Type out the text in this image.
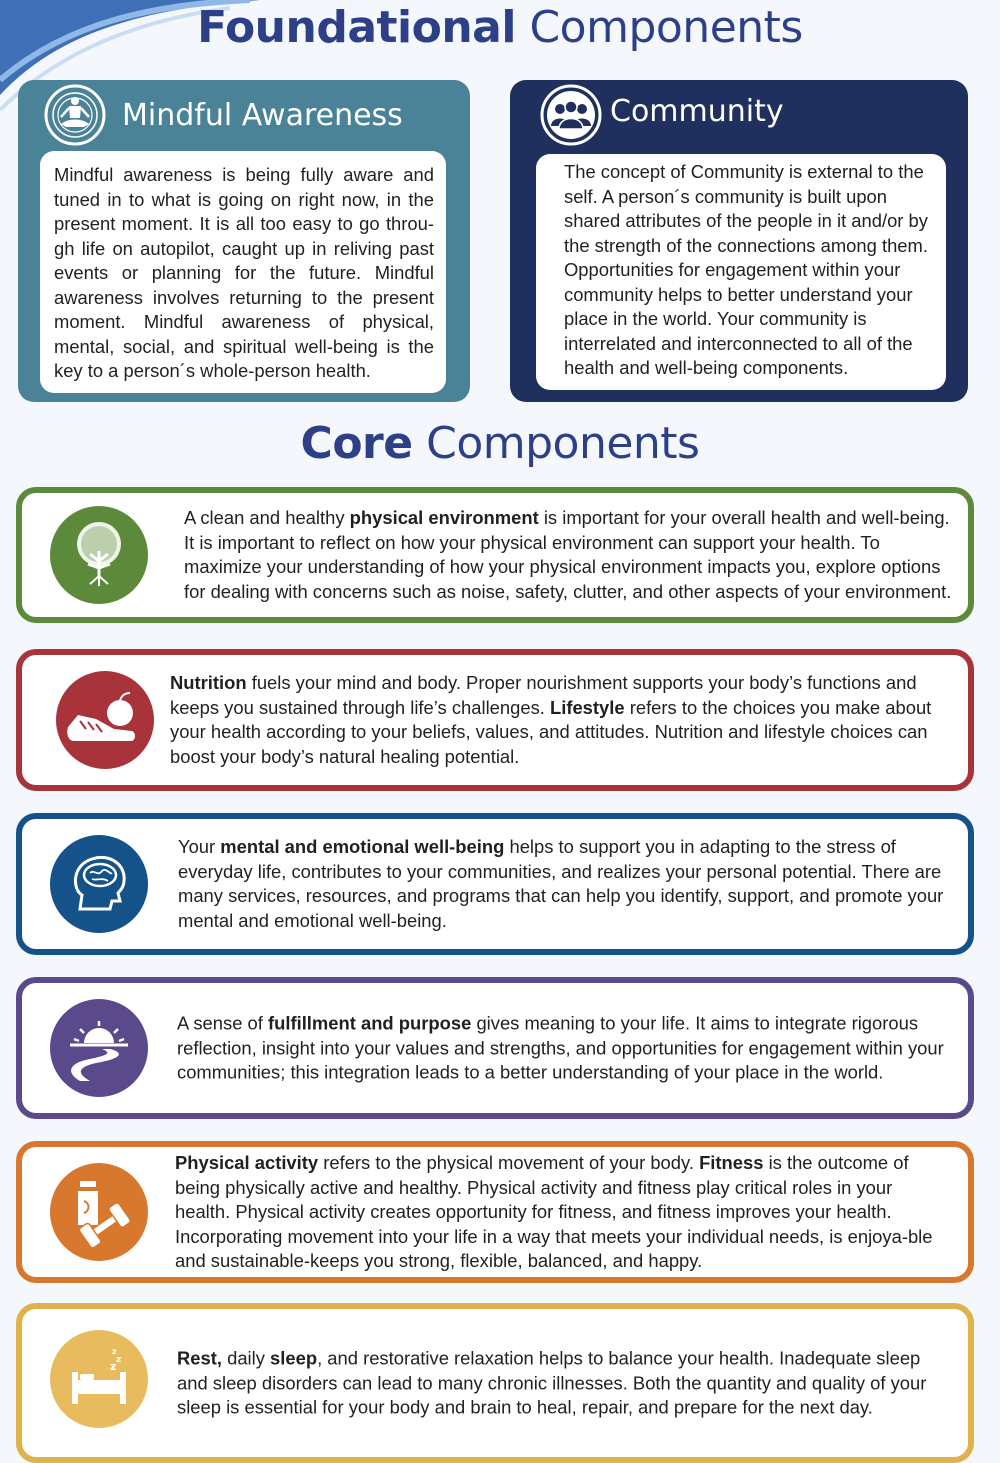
Foundational Components
Mindful Awareness
Mindful awareness is being fully aware and tuned in to what is going on right now, in the present moment. It is all too easy to go throu-gh life on autopilot, caught up in reliving past events or planning for the future. Mindful awareness involves returning to the present moment. Mindful awareness of physical, mental, social, and spiritual well-being is the key to a person´s whole-person health.
Community
The concept of Community is external to the self. A person´s community is built upon shared attributes of the people in it and/or by the strength of the connections among them. Opportunities for engagement within your community helps to better understand your place in the world. Your community is interrelated and interconnected to all of the health and well-being components.
Core Components
A clean and healthy physical environment is important for your overall health and well-being. It is important to reflect on how your physical environment can support your health. To maximize your understanding of how your physical environment impacts you, explore options for dealing with concerns such as noise, safety, clutter, and other aspects of your environment.
Nutrition fuels your mind and body. Proper nourishment supports your body’s functions and keeps you sustained through life’s challenges. Lifestyle refers to the choices you make about your health according to your beliefs, values, and attitudes. Nutrition and lifestyle choices can boost your body’s natural healing potential.
Your mental and emotional well-being helps to support you in adapting to the stress of everyday life, contributes to your communities, and realizes your personal potential. There are many services, resources, and programs that can help you identify, support, and promote your mental and emotional well-being.
A sense of fulfillment and purpose gives meaning to your life. It aims to integrate rigorous reflection, insight into your values and strengths, and opportunities for engagement within your communities; this integration leads to a better understanding of your place in the world.
Physical activity refers to the physical movement of your body. Fitness is the outcome of being physically active and healthy. Physical activity and fitness play critical roles in your health. Physical activity creates opportunity for fitness, and fitness improves your health. Incorporating movement into your life in a way that meets your individual needs, is enjoya-ble and sustainable-keeps you strong, flexible, balanced, and happy.
z z
z	Rest, daily sleep, and restorative relaxation helps to balance your health. Inadequate sleep and sleep disorders can lead to many chronic illnesses. Both the quantity and quality of your sleep is essential for your body and brain to heal, repair, and prepare for the next day.
